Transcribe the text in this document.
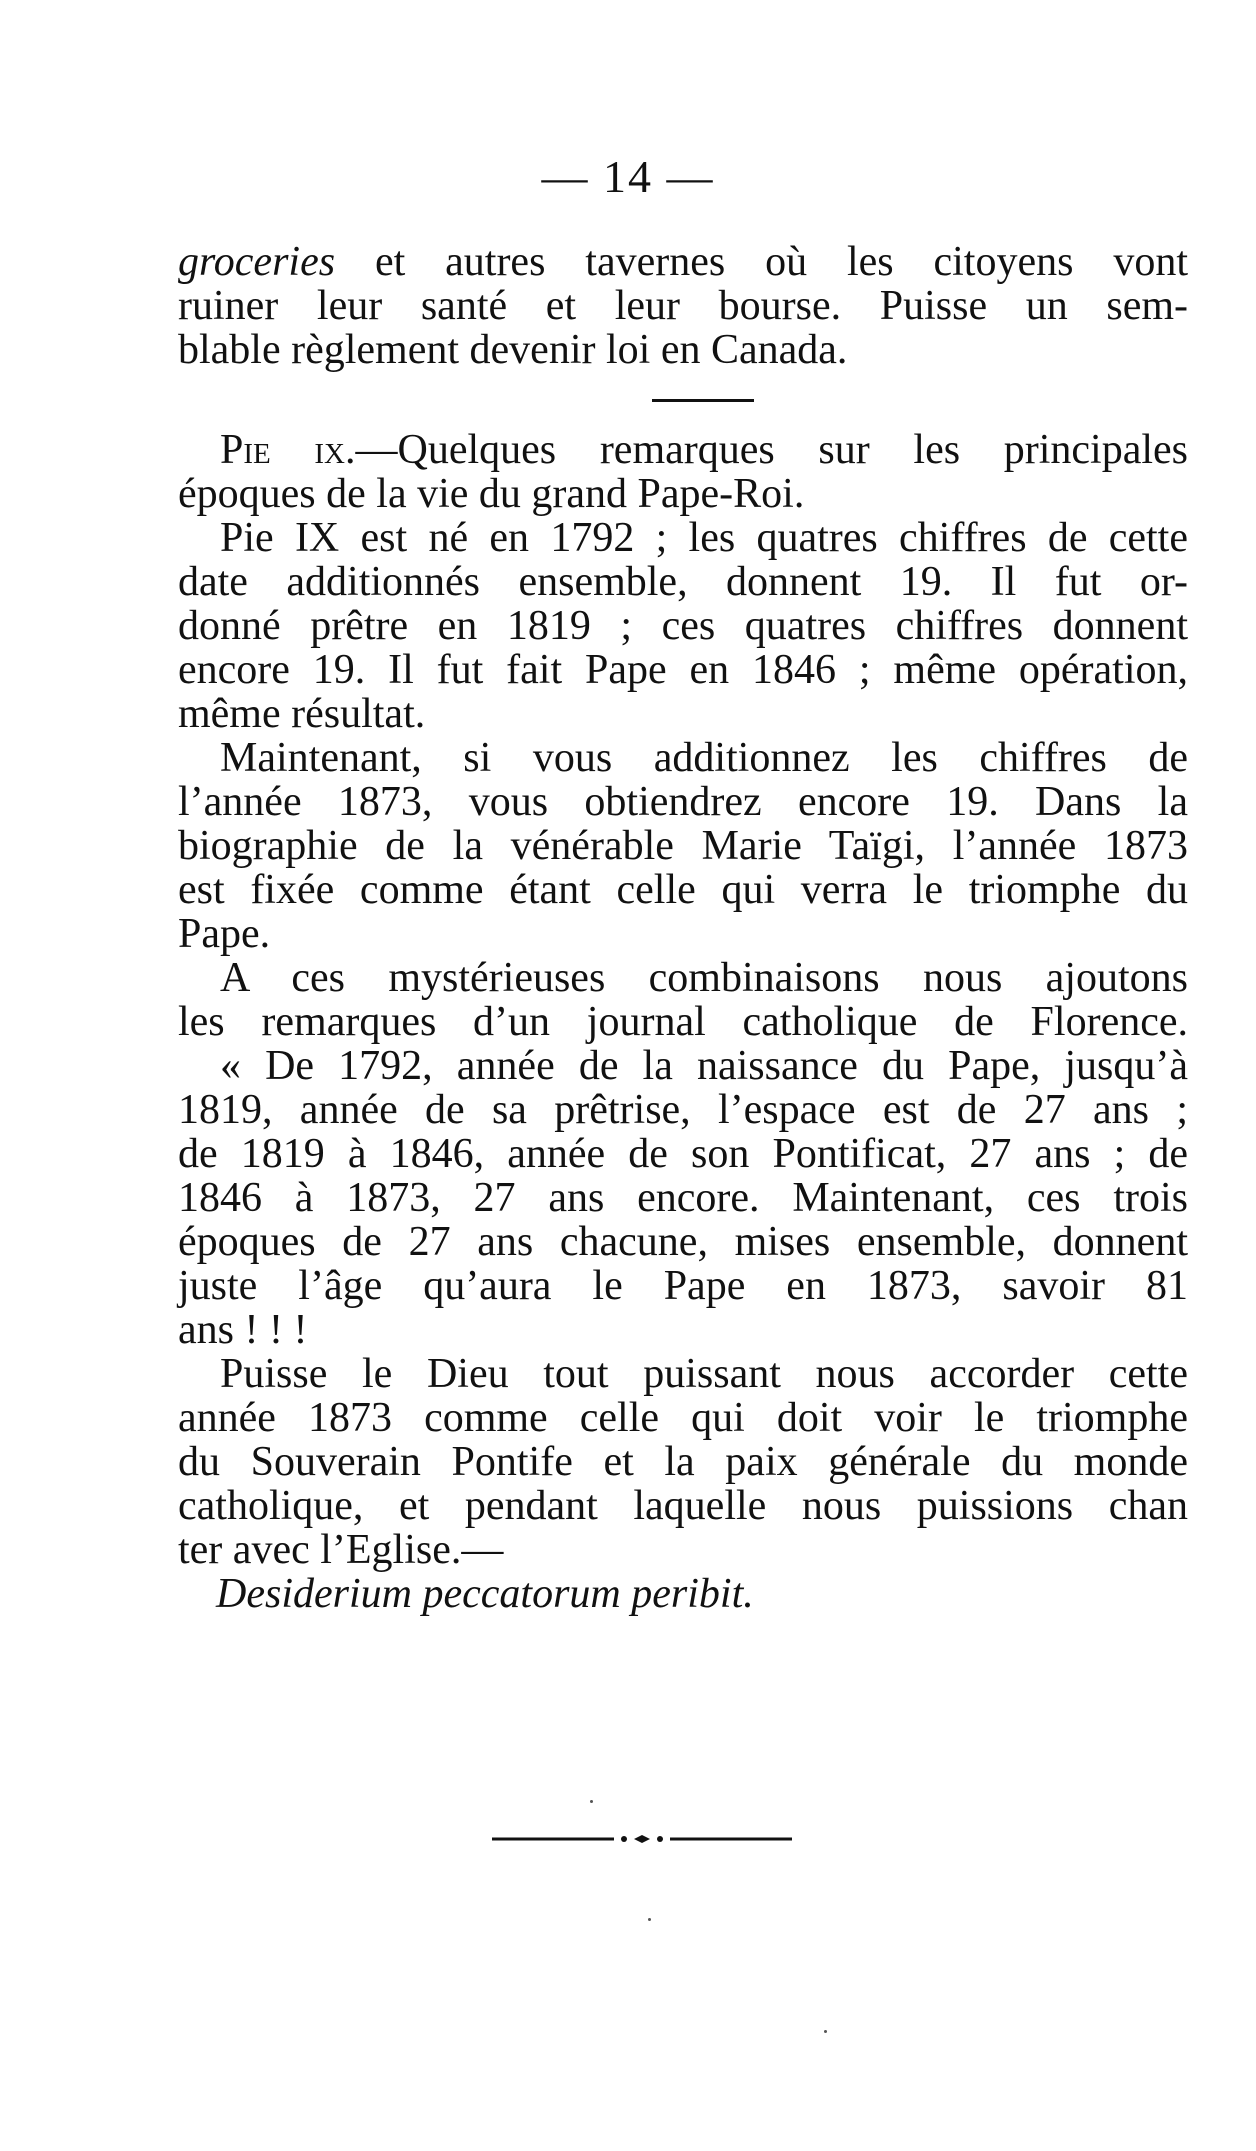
— 14 —
groceries et autres tavernes où les citoyens vont
ruiner leur santé et leur bourse. Puisse un sem-
blable règlement devenir loi en Canada.
Pie ix.—Quelques remarques sur les principales
époques de la vie du grand Pape-Roi.
Pie IX est né en 1792 ; les quatres chiffres de cette
date additionnés ensemble, donnent 19. Il fut or-
donné prêtre en 1819 ; ces quatres chiffres donnent
encore 19. Il fut fait Pape en 1846 ; même opération,
même résultat.
Maintenant, si vous additionnez les chiffres de
l’année 1873, vous obtiendrez encore 19. Dans la
biographie de la vénérable Marie Taïgi, l’année 1873
est fixée comme étant celle qui verra le triomphe du
Pape.
A ces mystérieuses combinaisons nous ajoutons
les remarques d’un journal catholique de Florence.
« De 1792, année de la naissance du Pape, jusqu’à
1819, année de sa prêtrise, l’espace est de 27 ans ;
de 1819 à 1846, année de son Pontificat, 27 ans ; de
1846 à 1873, 27 ans encore. Maintenant, ces trois
époques de 27 ans chacune, mises ensemble, donnent
juste l’âge qu’aura le Pape en 1873, savoir 81
ans ! ! !
Puisse le Dieu tout puissant nous accorder cette
année 1873 comme celle qui doit voir le triomphe
du Souverain Pontife et la paix générale du monde
catholique, et pendant laquelle nous puissions chan
ter avec l’Eglise.—
Desiderium peccatorum peribit.
